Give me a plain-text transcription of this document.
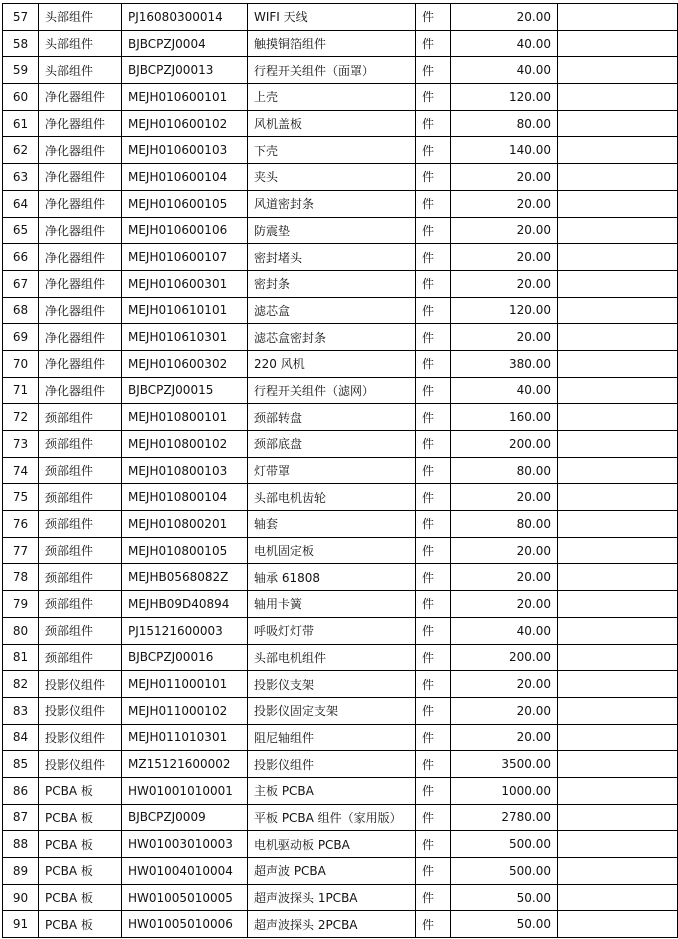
57	头部组件	PJ16080300014	WIFI 天线	件	20.00	
58	头部组件	BJBCPZJ0004	触摸铜箔组件	件	40.00	
59	头部组件	BJBCPZJ00013	行程开关组件（面罩）	件	40.00	
60	净化器组件	MEJH010600101	上壳	件	120.00	
61	净化器组件	MEJH010600102	风机盖板	件	80.00	
62	净化器组件	MEJH010600103	下壳	件	140.00	
63	净化器组件	MEJH010600104	夹头	件	20.00	
64	净化器组件	MEJH010600105	风道密封条	件	20.00	
65	净化器组件	MEJH010600106	防震垫	件	20.00	
66	净化器组件	MEJH010600107	密封堵头	件	20.00	
67	净化器组件	MEJH010600301	密封条	件	20.00	
68	净化器组件	MEJH010610101	滤芯盒	件	120.00	
69	净化器组件	MEJH010610301	滤芯盒密封条	件	20.00	
70	净化器组件	MEJH010600302	220 风机	件	380.00	
71	净化器组件	BJBCPZJ00015	行程开关组件（滤网）	件	40.00	
72	颈部组件	MEJH010800101	颈部转盘	件	160.00	
73	颈部组件	MEJH010800102	颈部底盘	件	200.00	
74	颈部组件	MEJH010800103	灯带罩	件	80.00	
75	颈部组件	MEJH010800104	头部电机齿轮	件	20.00	
76	颈部组件	MEJH010800201	轴套	件	80.00	
77	颈部组件	MEJH010800105	电机固定板	件	20.00	
78	颈部组件	MEJHB0568082Z	轴承 61808	件	20.00	
79	颈部组件	MEJHB09D40894	轴用卡簧	件	20.00	
80	颈部组件	PJ15121600003	呼吸灯灯带	件	40.00	
81	颈部组件	BJBCPZJ00016	头部电机组件	件	200.00	
82	投影仪组件	MEJH011000101	投影仪支架	件	20.00	
83	投影仪组件	MEJH011000102	投影仪固定支架	件	20.00	
84	投影仪组件	MEJH011010301	阻尼轴组件	件	20.00	
85	投影仪组件	MZ15121600002	投影仪组件	件	3500.00	
86	PCBA 板	HW01001010001	主板 PCBA	件	1000.00	
87	PCBA 板	BJBCPZJ0009	平板 PCBA 组件（家用版）	件	2780.00	
88	PCBA 板	HW01003010003	电机驱动板 PCBA	件	500.00	
89	PCBA 板	HW01004010004	超声波 PCBA	件	500.00	
90	PCBA 板	HW01005010005	超声波探头 1PCBA	件	50.00	
91	PCBA 板	HW01005010006	超声波探头 2PCBA	件	50.00	
